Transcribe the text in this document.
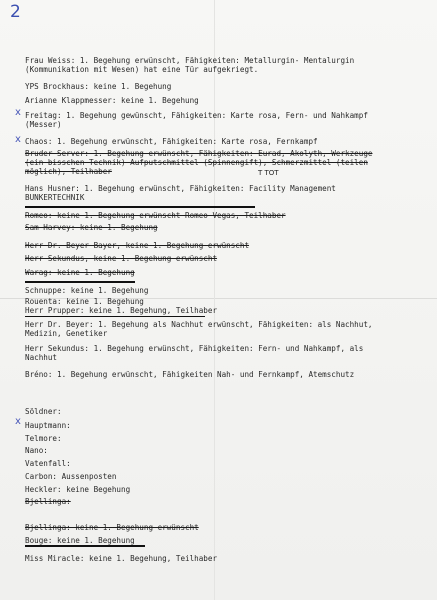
2
x
x
x
T TOT
Frau Weiss: 1. Begehung erwünscht, Fähigkeiten: Metallurgin- Mentalurgin (Kommunikation mit Wesen) hat eine Tür aufgekriegt.
YPS Brockhaus: keine 1. Begehung
Arianne Klappmesser: keine 1. Begehung
Freitag: 1. Begehung gewünscht, Fähigkeiten: Karte rosa, Fern- und Nahkampf (Messer)
Chaos: 1. Begehung erwünscht, Fähigkeiten: Karte rosa, Fernkampf
Bruder Server: 1. Begehung erwünscht, Fähigkeiten: Eurad, Akolyth, Werkzeuge (ein bisschen Technik) Aufputschmittel (Spinnengift), Schmerzmittel (teilen möglich), Teilhaber
Hans Husner: 1. Begehung erwünscht, Fähigkeiten: Facility Management BUNKERTECHNIK
Romeo: keine 1. Begehung erwünscht Romeo Vegas, Teilhaber
Sam Harvey: keine 1. Begehung
Herr Dr. Beyer Bayer, keine 1. Begehung erwünscht
Herr Sekundus, keine 1. Begehung erwünscht
Warag: keine 1. Begehung
Schnuppe: keine 1. Begehung
Rouenta: keine 1. Begehung
Herr Prupper: keine 1. Begehung, Teilhaber
Herr Dr. Beyer: 1. Begehung als Nachhut erwünscht, Fähigkeiten: als Nachhut, Medizin, Genetiker
Herr Sekundus: 1. Begehung erwünscht, Fähigkeiten: Fern- und Nahkampf, als Nachhut
Bréno: 1. Begehung erwünscht, Fähigkeiten Nah- und Fernkampf, Atemschutz
Söldner:
Hauptmann:
Telmore:
Nano:
Vatenfall:
Carbon: Aussenposten
Heckler: keine Begehung
Bjellinga:
Bjellinga: keine 1. Begehung erwünscht
Bouge: keine 1. Begehung
Miss Miracle: keine 1. Begehung, Teilhaber
